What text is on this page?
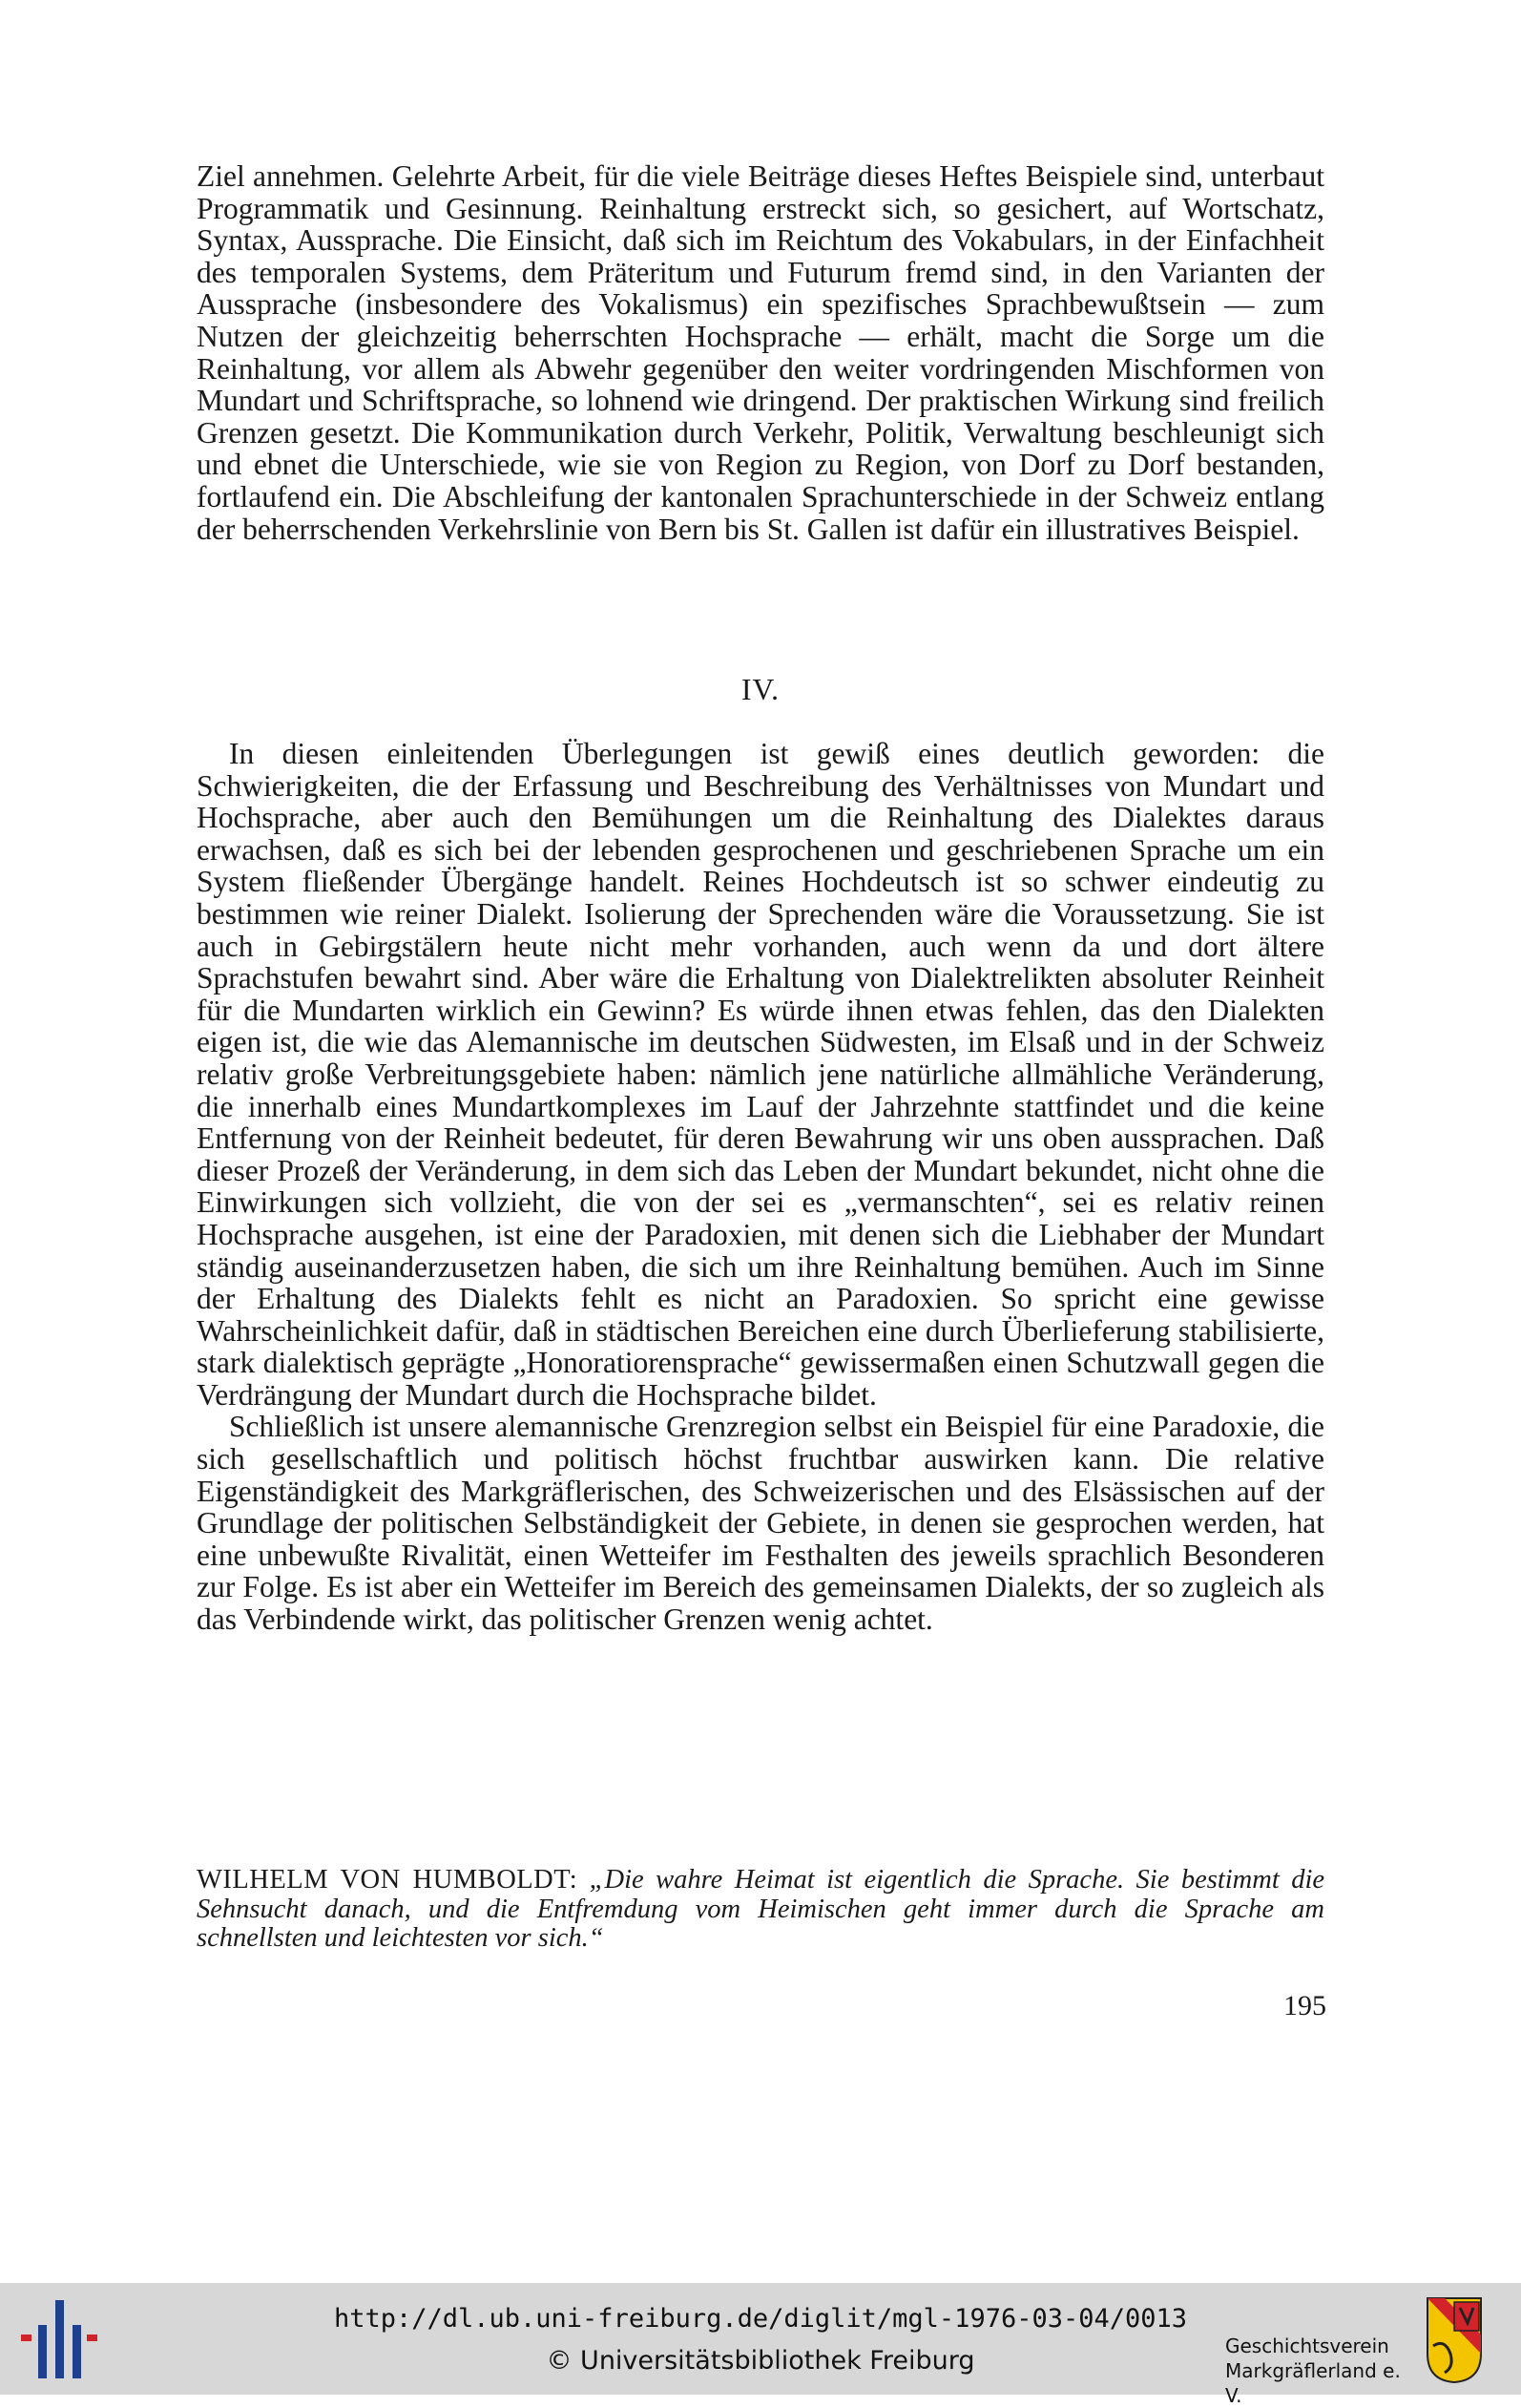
Ziel annehmen. Gelehrte Arbeit, für die viele Beiträge dieses Heftes Beispiele sind, unterbaut Programmatik und Gesinnung. Reinhaltung erstreckt sich, so gesichert, auf Wortschatz, Syntax, Aussprache. Die Einsicht, daß sich im Reichtum des Vokabulars, in der Einfachheit des temporalen Systems, dem Präteritum und Futurum fremd sind, in den Varianten der Aussprache (insbesondere des Vokalismus) ein spezifisches Sprachbewußtsein — zum Nutzen der gleichzeitig beherrschten Hochsprache — erhält, macht die Sorge um die Reinhaltung, vor allem als Abwehr gegenüber den weiter vordringenden Mischformen von Mundart und Schriftsprache, so lohnend wie dringend. Der praktischen Wirkung sind freilich Grenzen gesetzt. Die Kommunikation durch Verkehr, Politik, Verwaltung beschleunigt sich und ebnet die Unterschiede, wie sie von Region zu Region, von Dorf zu Dorf bestanden, fortlaufend ein. Die Abschleifung der kantonalen Sprachunterschiede in der Schweiz entlang der beherrschenden Verkehrslinie von Bern bis St. Gallen ist dafür ein illustratives Beispiel.

IV.

In diesen einleitenden Überlegungen ist gewiß eines deutlich geworden: die Schwierigkeiten, die der Erfassung und Beschreibung des Verhältnisses von Mundart und Hochsprache, aber auch den Bemühungen um die Reinhaltung des Dialektes daraus erwachsen, daß es sich bei der lebenden gesprochenen und geschriebenen Sprache um ein System fließender Übergänge handelt. Reines Hochdeutsch ist so schwer eindeutig zu bestimmen wie reiner Dialekt. Isolierung der Sprechenden wäre die Voraussetzung. Sie ist auch in Gebirgstälern heute nicht mehr vorhanden, auch wenn da und dort ältere Sprachstufen bewahrt sind. Aber wäre die Erhaltung von Dialektrelikten absoluter Reinheit für die Mundarten wirklich ein Gewinn? Es würde ihnen etwas fehlen, das den Dialekten eigen ist, die wie das Alemannische im deutschen Südwesten, im Elsaß und in der Schweiz relativ große Verbreitungsgebiete haben: nämlich jene natürliche allmähliche Veränderung, die innerhalb eines Mundartkomplexes im Lauf der Jahrzehnte stattfindet und die keine Entfernung von der Reinheit bedeutet, für deren Bewahrung wir uns oben aussprachen. Daß dieser Prozeß der Veränderung, in dem sich das Leben der Mundart bekundet, nicht ohne die Einwirkungen sich vollzieht, die von der sei es „vermanschten“, sei es relativ reinen Hochsprache ausgehen, ist eine der Paradoxien, mit denen sich die Liebhaber der Mundart ständig auseinanderzusetzen haben, die sich um ihre Reinhaltung bemühen. Auch im Sinne der Erhaltung des Dialekts fehlt es nicht an Paradoxien. So spricht eine gewisse Wahrscheinlichkeit dafür, daß in städtischen Bereichen eine durch Überlieferung stabilisierte, stark dialektisch geprägte „Honoratiorensprache“ gewissermaßen einen Schutzwall gegen die Verdrängung der Mundart durch die Hochsprache bildet.

Schließlich ist unsere alemannische Grenzregion selbst ein Beispiel für eine Paradoxie, die sich gesellschaftlich und politisch höchst fruchtbar auswirken kann. Die relative Eigenständigkeit des Markgräflerischen, des Schweizerischen und des Elsässischen auf der Grundlage der politischen Selbständigkeit der Gebiete, in denen sie gesprochen werden, hat eine unbewußte Rivalität, einen Wetteifer im Festhalten des jeweils sprachlich Besonderen zur Folge. Es ist aber ein Wetteifer im Bereich des gemeinsamen Dialekts, der so zugleich als das Verbindende wirkt, das politischer Grenzen wenig achtet.

WILHELM VON HUMBOLDT: „Die wahre Heimat ist eigentlich die Sprache. Sie bestimmt die Sehnsucht danach, und die Entfremdung vom Heimischen geht immer durch die Sprache am schnellsten und leichtesten vor sich.“
195
http://dl.ub.uni-freiburg.de/diglit/mgl-1976-03-04/0013
© Universitätsbibliothek Freiburg	Geschichtsverein
Markgräflerland e. V.
